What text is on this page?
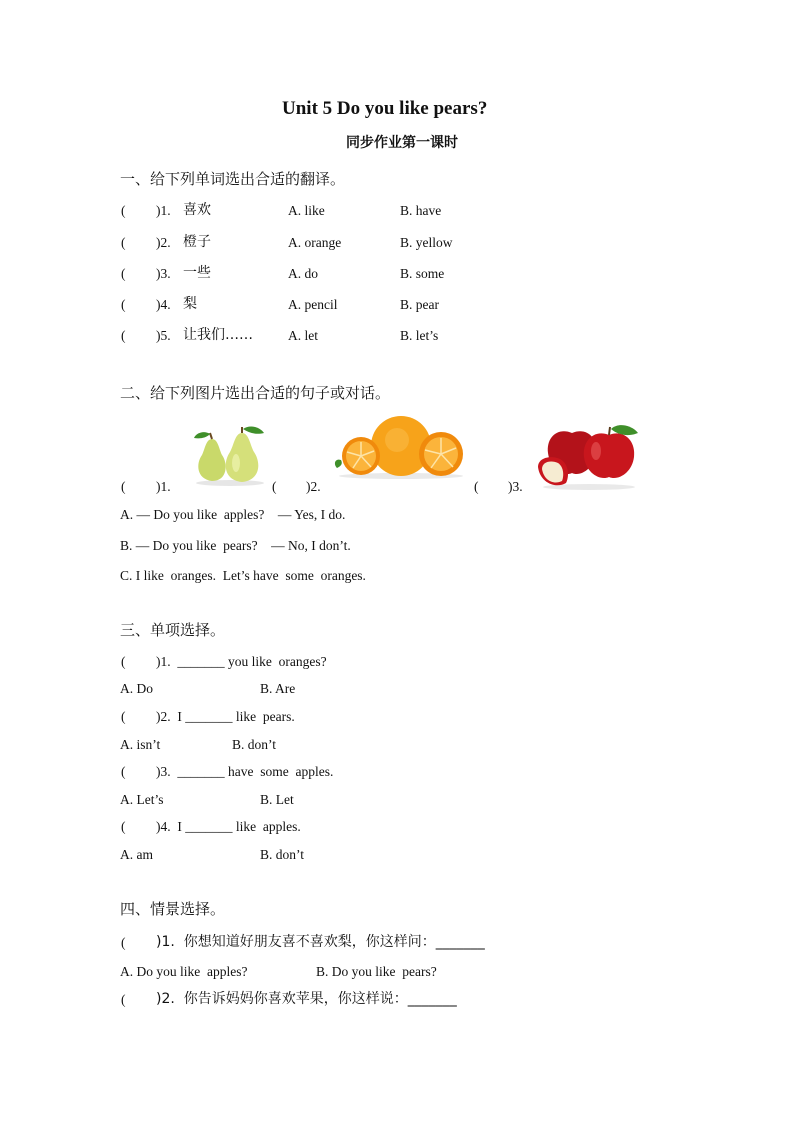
Unit 5 Do you like pears?
同步作业第一课时
一、给下列单词选出合适的翻译。
( )1. 喜欢	A. like	B. have
( )2. 橙子	A. orange	B. yellow
( )3. 一些	A. do	B. some
( )4. 梨	A. pencil	B. pear
( )5. 让我们……	A. let	B. let’s
二、给下列图片选出合适的句子或对话。
( )1.	( )2.	( )3.
A. — Do you like  apples?    — Yes, I do.
B. — Do you like  pears?    — No, I don’t.
C. I like  oranges.  Let’s have  some  oranges.
三、单项选择。
( )1.  _______ you like  oranges?
A. Do	B. Are
( )2.  I _______ like  pears.
A. isn’t	B. don’t
( )3.  _______ have  some  apples.
A. Let’s	B. Let
( )4.  I _______ like  apples.
A. am	B. don’t
四、情景选择。
( )1.  你想知道好朋友喜不喜欢梨，你这样问：_______
A. Do you like  apples?	B. Do you like  pears?
( )2.  你告诉妈妈你喜欢苹果，你这样说：_______
